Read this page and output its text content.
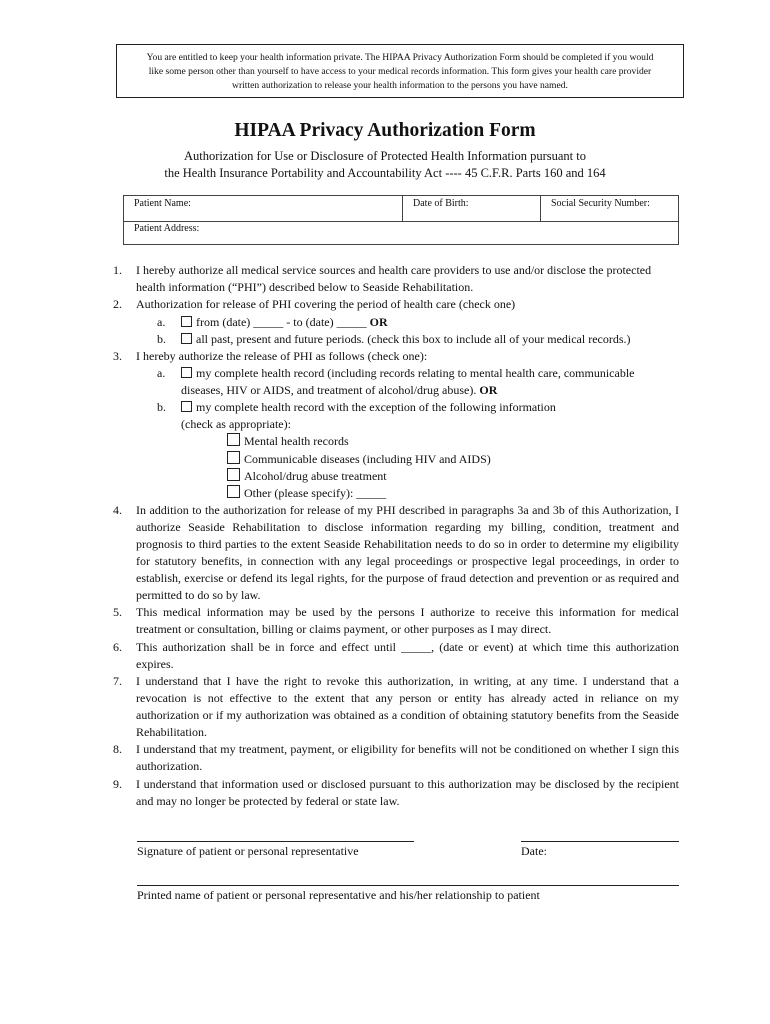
You are entitled to keep your health information private. The HIPAA Privacy Authorization Form should be completed if you would
like some person other than yourself to have access to your medical records information. This form gives your health care provider
written authorization to release your health information to the persons you have named.
HIPAA Privacy Authorization Form
Authorization for Use or Disclosure of Protected Health Information pursuant to
the Health Insurance Portability and Accountability Act ---- 45 C.F.R. Parts 160 and 164
Patient Name:	Date of Birth:	Social Security Number:
Patient Address:
1. I hereby authorize all medical service sources and health care providers to use and/or disclose the protected
health information (“PHI”) described below to Seaside Rehabilitation.
2. Authorization for release of PHI covering the period of health care (check one)
a.	from (date) _____ - to (date) _____ OR
b.	all past, present and future periods. (check this box to include all of your medical records.)
3. I hereby authorize the release of PHI as follows (check one):
a.	my complete health record (including records relating to mental health care, communicable
diseases, HIV or AIDS, and treatment of alcohol/drug abuse). OR
b.	my complete health record with the exception of the following information
(check as appropriate):
Mental health records
Communicable diseases (including HIV and AIDS)
Alcohol/drug abuse treatment
Other (please specify): _____
4. In addition to the authorization for release of my PHI described in paragraphs 3a and 3b of this Authorization, I authorize Seaside Rehabilitation to disclose information regarding my billing, condition, treatment and prognosis to third parties to the extent Seaside Rehabilitation needs to do so in order to determine my eligibility for statutory benefits, in connection with any legal proceedings or prospective legal proceedings, in order to establish, exercise or defend its legal rights, for the purpose of fraud detection and prevention or as required and permitted to do so by law.
5. This medical information may be used by the persons I authorize to receive this information for medical treatment or consultation, billing or claims payment, or other purposes as I may direct.
6. This authorization shall be in force and effect until _____, (date or event) at which time this authorization expires.
7. I understand that I have the right to revoke this authorization, in writing, at any time. I understand that a revocation is not effective to the extent that any person or entity has already acted in reliance on my authorization or if my authorization was obtained as a condition of obtaining statutory benefits from the Seaside Rehabilitation.
8. I understand that my treatment, payment, or eligibility for benefits will not be conditioned on whether I sign this authorization.
9. I understand that information used or disclosed pursuant to this authorization may be disclosed by the recipient and may no longer be protected by federal or state law.
Signature of patient or personal representative	Date:
Printed name of patient or personal representative and his/her relationship to patient
